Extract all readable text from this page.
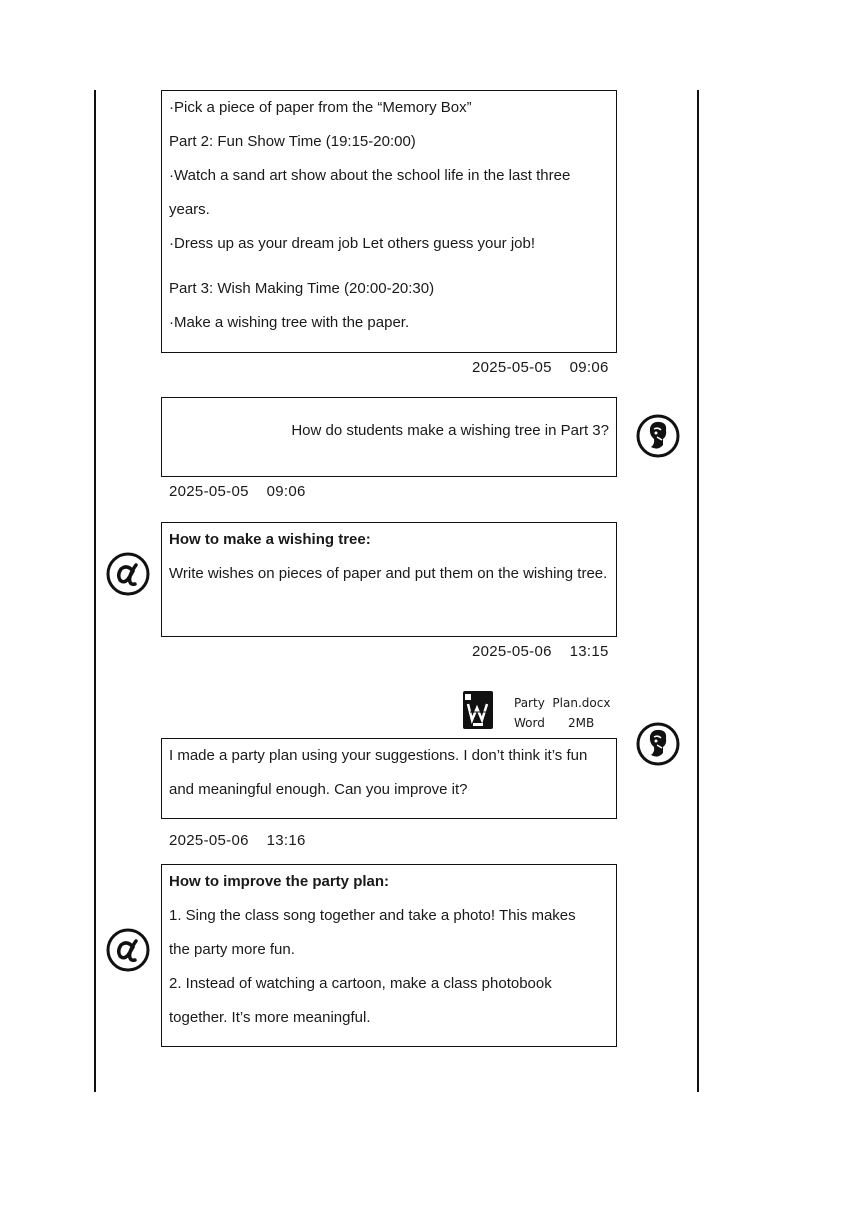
·Pick a piece of paper from the “Memory Box”

Part 2: Fun Show Time (19:15-20:00)

·Watch a sand art show about the school life in the last three years.

·Dress up as your dream job Let others guess your job!

Part 3: Wish Making Time (20:00-20:30)

·Make a wishing tree with the paper.

2025-05-05    09:06

How do students make a wishing tree in Part 3?

2025-05-05    09:06

How to make a wishing tree:

Write wishes on pieces of paper and put them on the wishing tree.

2025-05-06    13:15
Party  Plan.docx
Word 2MB

I made a party plan using your suggestions. I don’t think it’s fun and meaningful enough. Can you improve it?

2025-05-06    13:16

How to improve the party plan:

1. Sing the class song together and take a photo! This makes the party more fun.

2. Instead of watching a cartoon, make a class photobook together. It’s more meaningful.
